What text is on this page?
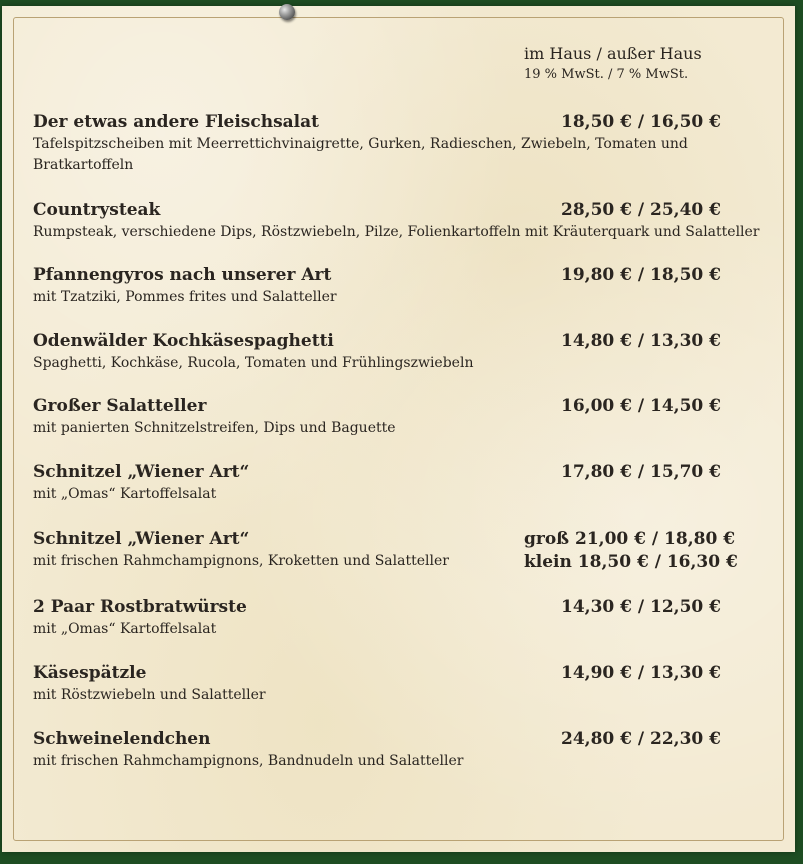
im Haus / außer Haus
19 % MwSt. / 7 % MwSt.
Der etwas andere Fleischsalat	18,50 € / 16,50 €
Tafelspitzscheiben mit Meerrettichvinaigrette, Gurken, Radieschen, Zwiebeln, Tomaten und Bratkartoffeln
Countrysteak	28,50 € / 25,40 €
Rumpsteak, verschiedene Dips, Röstzwiebeln, Pilze, Folienkartoffeln mit Kräuterquark und Salatteller
Pfannengyros nach unserer Art	19,80 € / 18,50 €
mit Tzatziki, Pommes frites und Salatteller
Odenwälder Kochkäsespaghetti	14,80 € / 13,30 €
Spaghetti, Kochkäse, Rucola, Tomaten und Frühlingszwiebeln
Großer Salatteller	16,00 € / 14,50 €
mit panierten Schnitzelstreifen, Dips und Baguette
Schnitzel „Wiener Art“	17,80 € / 15,70 €
mit „Omas“ Kartoffelsalat
Schnitzel „Wiener Art“	groß 21,00 € / 18,80 €
klein 18,50 € / 16,30 €
mit frischen Rahmchampignons, Kroketten und Salatteller
2 Paar Rostbratwürste	14,30 € / 12,50 €
mit „Omas“ Kartoffelsalat
Käsespätzle	14,90 € / 13,30 €
mit Röstzwiebeln und Salatteller
Schweinelendchen	24,80 € / 22,30 €
mit frischen Rahmchampignons, Bandnudeln und Salatteller
